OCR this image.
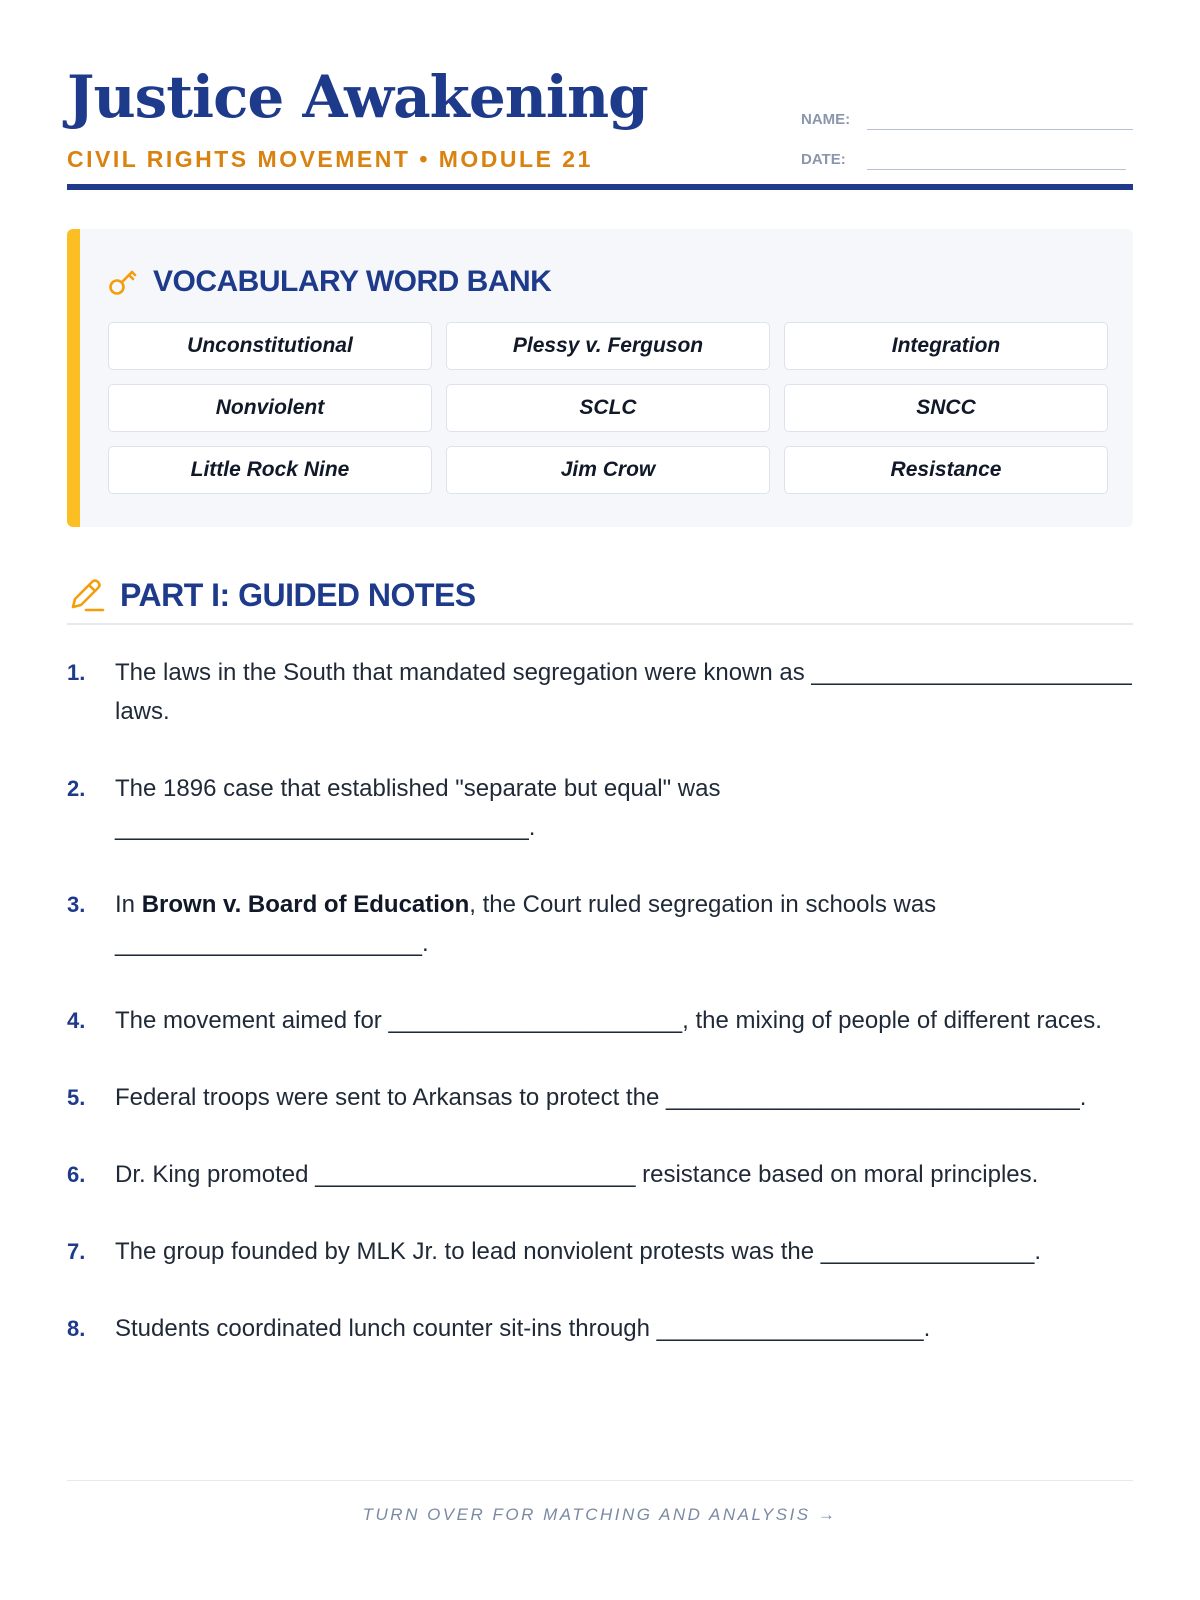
Justice Awakening
CIVIL RIGHTS MOVEMENT • MODULE 21
NAME:
DATE:
VOCABULARY WORD BANK
Unconstitutional	Plessy v. Ferguson	Integration
Nonviolent	SCLC	SNCC
Little Rock Nine	Jim Crow	Resistance
PART I: GUIDED NOTES
1.	The laws in the South that mandated segregation were known as ________________________ laws.
2.	The 1896 case that established "separate but equal" was
_______________________________.
3.	In Brown v. Board of Education, the Court ruled segregation in schools was
_______________________.
4.	The movement aimed for ______________________, the mixing of people of different races.
5.	Federal troops were sent to Arkansas to protect the _______________________________.
6.	Dr. King promoted ________________________ resistance based on moral principles.
7.	The group founded by MLK Jr. to lead nonviolent protests was the ________________.
8.	Students coordinated lunch counter sit-ins through ____________________.
TURN OVER FOR MATCHING AND ANALYSIS →
